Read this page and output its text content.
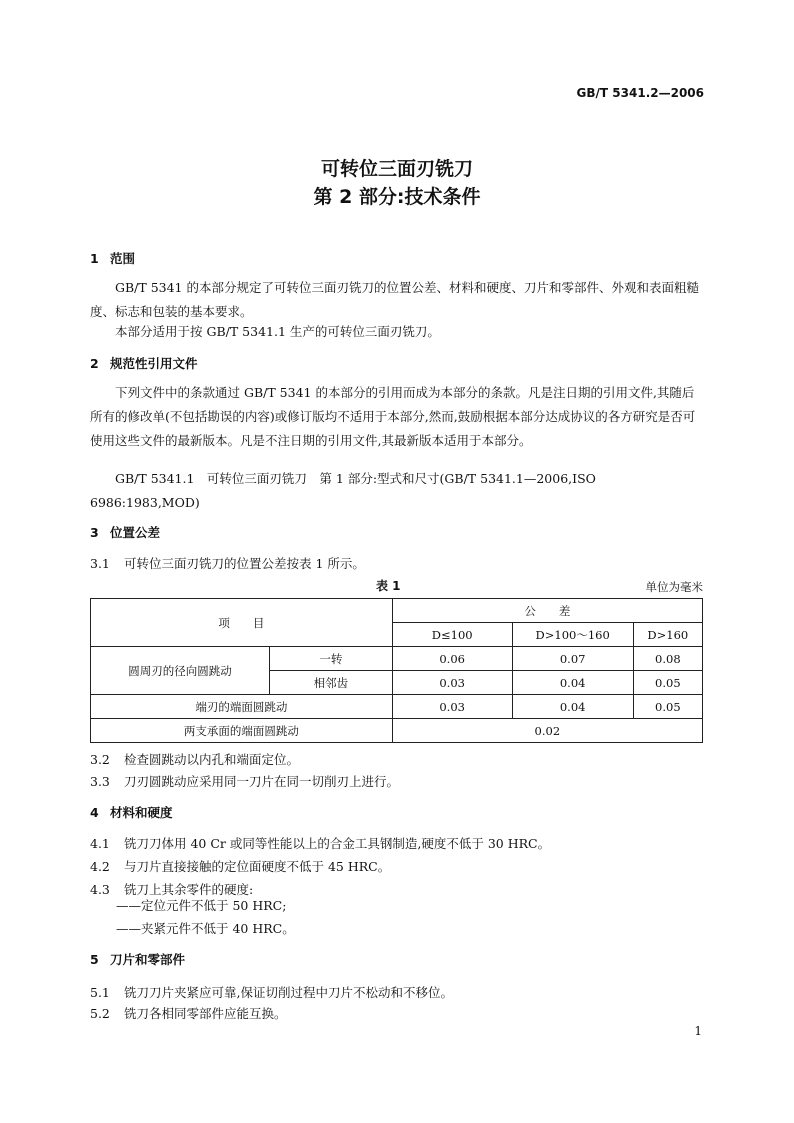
GB/T 5341.2—2006
可转位三面刃铣刀
第 2 部分:技术条件
1 范围
GB/T 5341 的本部分规定了可转位三面刃铣刀的位置公差、材料和硬度、刀片和零部件、外观和表面粗糙度、标志和包装的基本要求。
本部分适用于按 GB/T 5341.1 生产的可转位三面刃铣刀。
2 规范性引用文件
下列文件中的条款通过 GB/T 5341 的本部分的引用而成为本部分的条款。凡是注日期的引用文件,其随后所有的修改单(不包括勘误的内容)或修订版均不适用于本部分,然而,鼓励根据本部分达成协议的各方研究是否可使用这些文件的最新版本。凡是不注日期的引用文件,其最新版本适用于本部分。
GB/T 5341.1　可转位三面刃铣刀　第 1 部分:型式和尺寸(GB/T 5341.1—2006,ISO 6986:1983,MOD)
3 位置公差
3.1 可转位三面刃铣刀的位置公差按表 1 所示。
表 1	单位为毫米
项　　目		公　　差		
		D≤100	D>100～160	D>160
圆周刃的径向圆跳动	一转	0.06	0.07	0.08
	相邻齿	0.03	0.04	0.05
端刃的端面圆跳动		0.03	0.04	0.05
两支承面的端面圆跳动		0.02		
3.2 检查圆跳动以内孔和端面定位。
3.3 刀刃圆跳动应采用同一刀片在同一切削刃上进行。
4 材料和硬度
4.1 铣刀刀体用 40 Cr 或同等性能以上的合金工具钢制造,硬度不低于 30 HRC。
4.2 与刀片直接接触的定位面硬度不低于 45 HRC。
4.3 铣刀上其余零件的硬度:
——定位元件不低于 50 HRC;
——夹紧元件不低于 40 HRC。
5 刀片和零部件
5.1 铣刀刀片夹紧应可靠,保证切削过程中刀片不松动和不移位。
5.2 铣刀各相同零部件应能互换。
1
